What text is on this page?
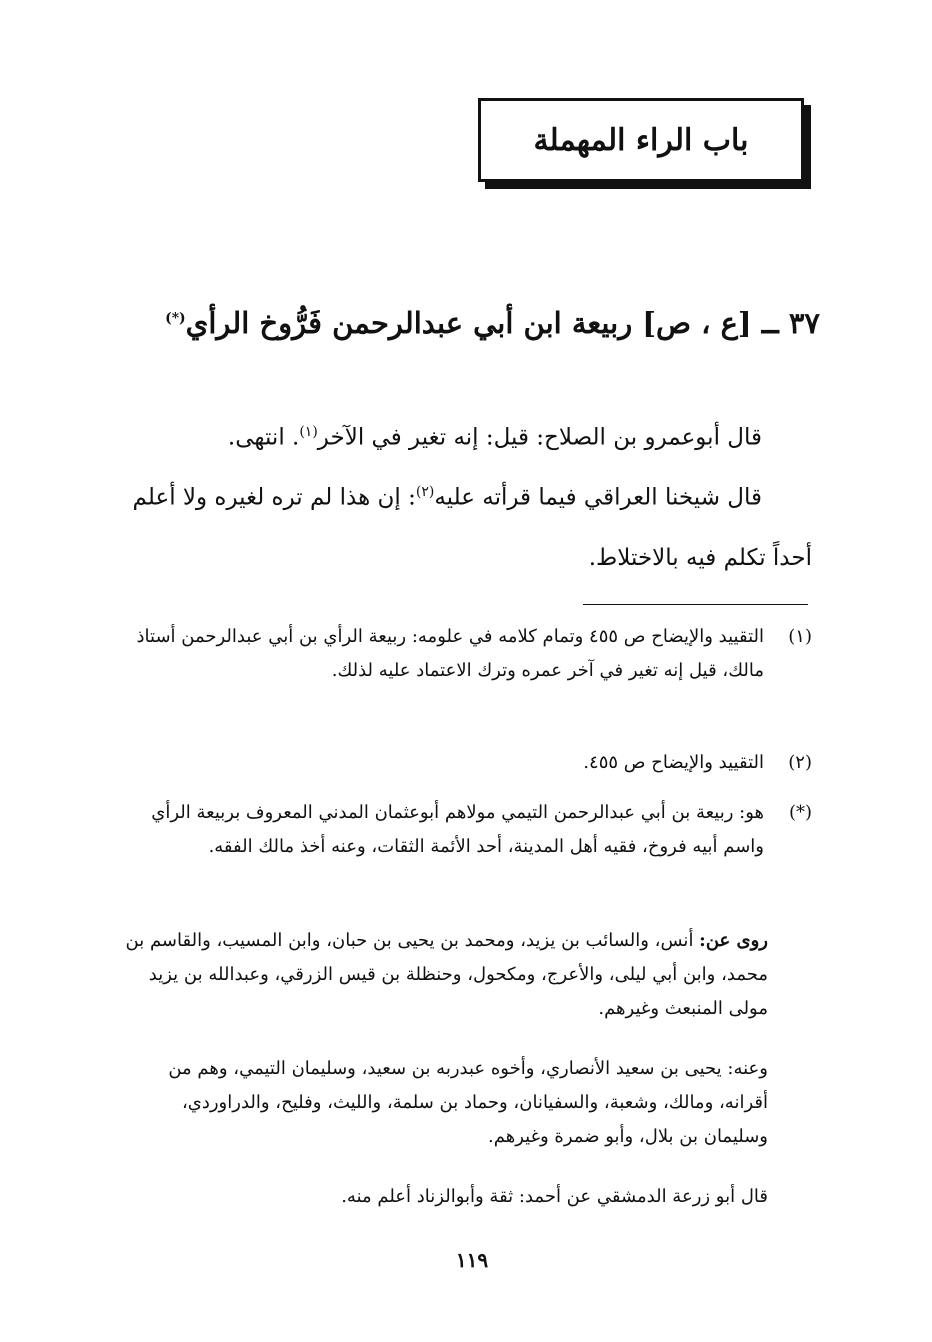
باب الراء المهملة
٣٧ ــ [ع ، ص] ربيعة ابن أبي عبدالرحمن فَرُّوخ الرأي(*)
قال أبوعمرو بن الصلاح: قيل: إنه تغير في الآخر$^{(١)}$. انتهى.
قال شيخنا العراقي فيما قرأته عليه$^{(٢)}$: إن هذا لم تره لغيره ولا أعلم
أحداً تكلم فيه بالاختلاط.
(١)
التقييد والإيضاح ص ٤٥٥ وتمام كلامه في علومه: ربيعة الرأي بن أبي عبدالرحمن أستاذ مالك، قيل إنه تغير في آخر عمره وترك الاعتماد عليه لذلك.
(٢)
التقييد والإيضاح ص ٤٥٥.
(*)
هو: ربيعة بن أبي عبدالرحمن التيمي مولاهم أبوعثمان المدني المعروف بربيعة الرأي واسم أبيه فروخ، فقيه أهل المدينة، أحد الأئمة الثقات، وعنه أخذ مالك الفقه.
روى عن: أنس، والسائب بن يزيد، ومحمد بن يحيى بن حبان، وابن المسيب، والقاسم بن محمد، وابن أبي ليلى، والأعرج، ومكحول، وحنظلة بن قيس الزرقي، وعبدالله بن يزيد مولى المنبعث وغيرهم.
وعنه: يحيى بن سعيد الأنصاري، وأخوه عبدربه بن سعيد، وسليمان التيمي، وهم من أقرانه، ومالك، وشعبة، والسفيانان، وحماد بن سلمة، والليث، وفليح، والدراوردي، وسليمان بن بلال، وأبو ضمرة وغيرهم.
قال أبو زرعة الدمشقي عن أحمد: ثقة وأبوالزناد أعلم منه.
١١٩
